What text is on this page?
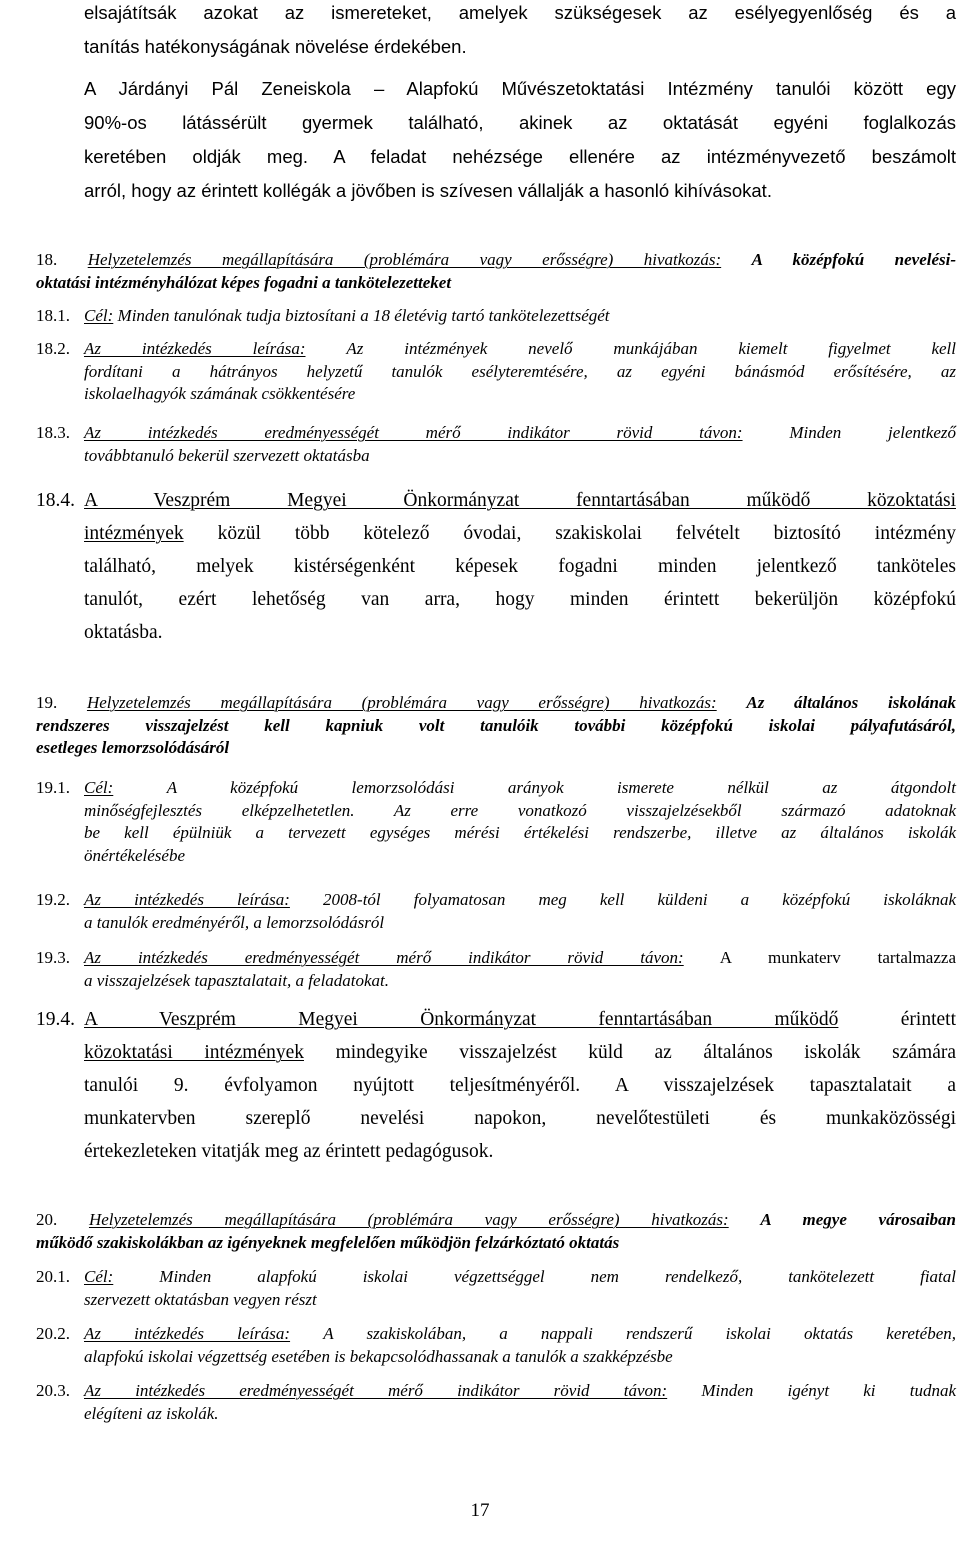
elsajátítsák azokat az ismereteket, amelyek szükségesek az esélyegyenlőség és a
tanítás hatékonyságának növelése érdekében.
A Járdányi Pál Zeneiskola – Alapfokú Művészetoktatási Intézmény tanulói között egy
90%-os látássérült gyermek található, akinek az oktatását egyéni foglalkozás
keretében oldják meg. A feladat nehézsége ellenére az intézményvezető beszámolt
arról, hogy az érintett kollégák a jövőben is szívesen vállalják a hasonló kihívásokat.
18. Helyzetelemzés megállapítására (problémára vagy erősségre) hivatkozás: A középfokú nevelési-
oktatási intézményhálózat képes fogadni a tankötelezetteket
18.1. Cél: Minden tanulónak tudja biztosítani a 18 életévig tartó tankötelezettségét
18.2. Az intézkedés leírása: Az intézmények nevelő munkájában kiemelt figyelmet kell
fordítani a hátrányos helyzetű tanulók esélyteremtésére, az egyéni bánásmód erősítésére, az
iskolaelhagyók számának csökkentésére
18.3. Az intézkedés eredményességét mérő indikátor rövid távon:	Minden jelentkező
továbbtanuló bekerül szervezett oktatásba
18.4. A Veszprém Megyei Önkormányzat fenntartásában működő közoktatási
intézmények közül több kötelező óvodai, szakiskolai felvételt biztosító intézmény
található, melyek kistérségenként képesek fogadni minden jelentkező tanköteles
tanulót, ezért lehetőség van arra, hogy minden érintett bekerüljön középfokú
oktatásba.
19. Helyzetelemzés megállapítására (problémára vagy erősségre) hivatkozás: Az általános iskolának
rendszeres visszajelzést kell kapniuk volt tanulóik további középfokú iskolai pályafutásáról,
esetleges lemorzsolódásáról
19.1. Cél:	A középfokú lemorzsolódási arányok ismerete nélkül az átgondolt
minőségfejlesztés elképzelhetetlen. Az erre vonatkozó visszajelzésekből származó adatoknak
be kell épülniük a tervezett egységes mérési értékelési rendszerbe, illetve az általános iskolák
önértékelésébe
19.2. Az intézkedés leírása: 2008-tól folyamatosan meg kell küldeni a középfokú iskoláknak
a tanulók eredményéről, a lemorzsolódásról
19.3. Az intézkedés eredményességét mérő indikátor rövid távon: A munkaterv tartalmazza
a visszajelzések tapasztalatait, a feladatokat.
19.4. A Veszprém Megyei Önkormányzat fenntartásában működő	érintett
közoktatási intézmények mindegyike visszajelzést küld az általános iskolák számára
tanulói 9. évfolyamon nyújtott teljesítményéről. A visszajelzések tapasztalatait a
munkatervben szereplő nevelési napokon, nevelőtestületi és munkaközösségi
értekezleteken vitatják meg az érintett pedagógusok.
20. Helyzetelemzés megállapítására (problémára vagy erősségre) hivatkozás: A megye városaiban
működő szakiskolákban az igényeknek megfelelően működjön felzárkóztató oktatás
20.1. Cél:	Minden alapfokú iskolai végzettséggel nem rendelkező, tankötelezett fiatal
szervezett oktatásban vegyen részt
20.2. Az intézkedés leírása: A szakiskolában, a nappali rendszerű iskolai oktatás keretében,
alapfokú iskolai végzettség esetében is bekapcsolódhassanak a tanulók a szakképzésbe
20.3. Az intézkedés eredményességét mérő indikátor rövid távon: Minden igényt ki tudnak
elégíteni az iskolák.
17
